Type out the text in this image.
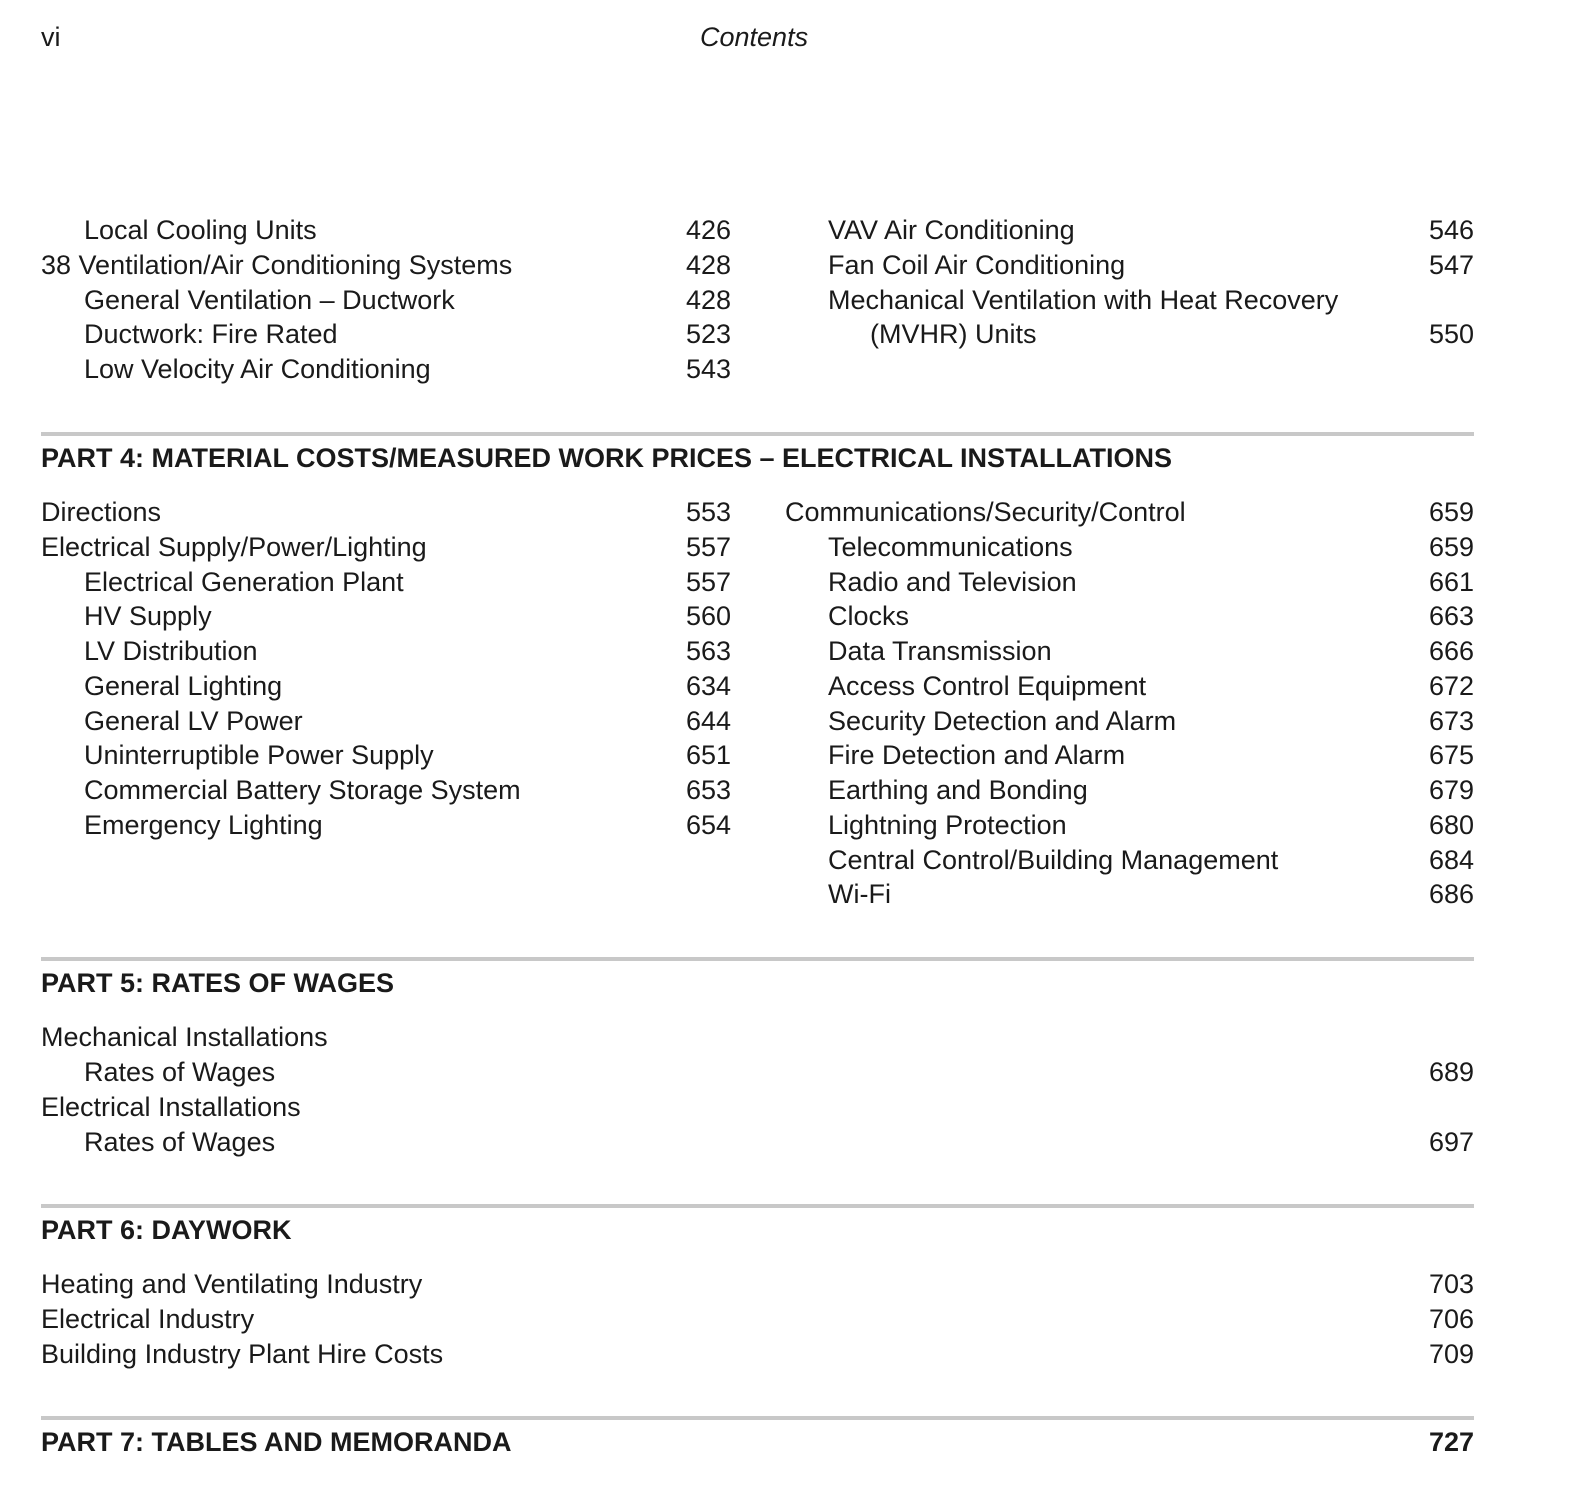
vi	Contents
Local Cooling Units	426
38 Ventilation/Air Conditioning Systems	428
General Ventilation – Ductwork	428
Ductwork: Fire Rated	523
Low Velocity Air Conditioning	543
VAV Air Conditioning	546
Fan Coil Air Conditioning	547
Mechanical Ventilation with Heat Recovery
(MVHR) Units	550
PART 4: MATERIAL COSTS/MEASURED WORK PRICES – ELECTRICAL INSTALLATIONS
Directions	553
Electrical Supply/Power/Lighting	557
Electrical Generation Plant	557
HV Supply	560
LV Distribution	563
General Lighting	634
General LV Power	644
Uninterruptible Power Supply	651
Commercial Battery Storage System	653
Emergency Lighting	654
Communications/Security/Control	659
Telecommunications	659
Radio and Television	661
Clocks	663
Data Transmission	666
Access Control Equipment	672
Security Detection and Alarm	673
Fire Detection and Alarm	675
Earthing and Bonding	679
Lightning Protection	680
Central Control/Building Management	684
Wi-Fi	686
PART 5: RATES OF WAGES
Mechanical Installations
Rates of Wages	689
Electrical Installations
Rates of Wages	697
PART 6: DAYWORK
Heating and Ventilating Industry	703
Electrical Industry	706
Building Industry Plant Hire Costs	709
PART 7: TABLES AND MEMORANDA	727
